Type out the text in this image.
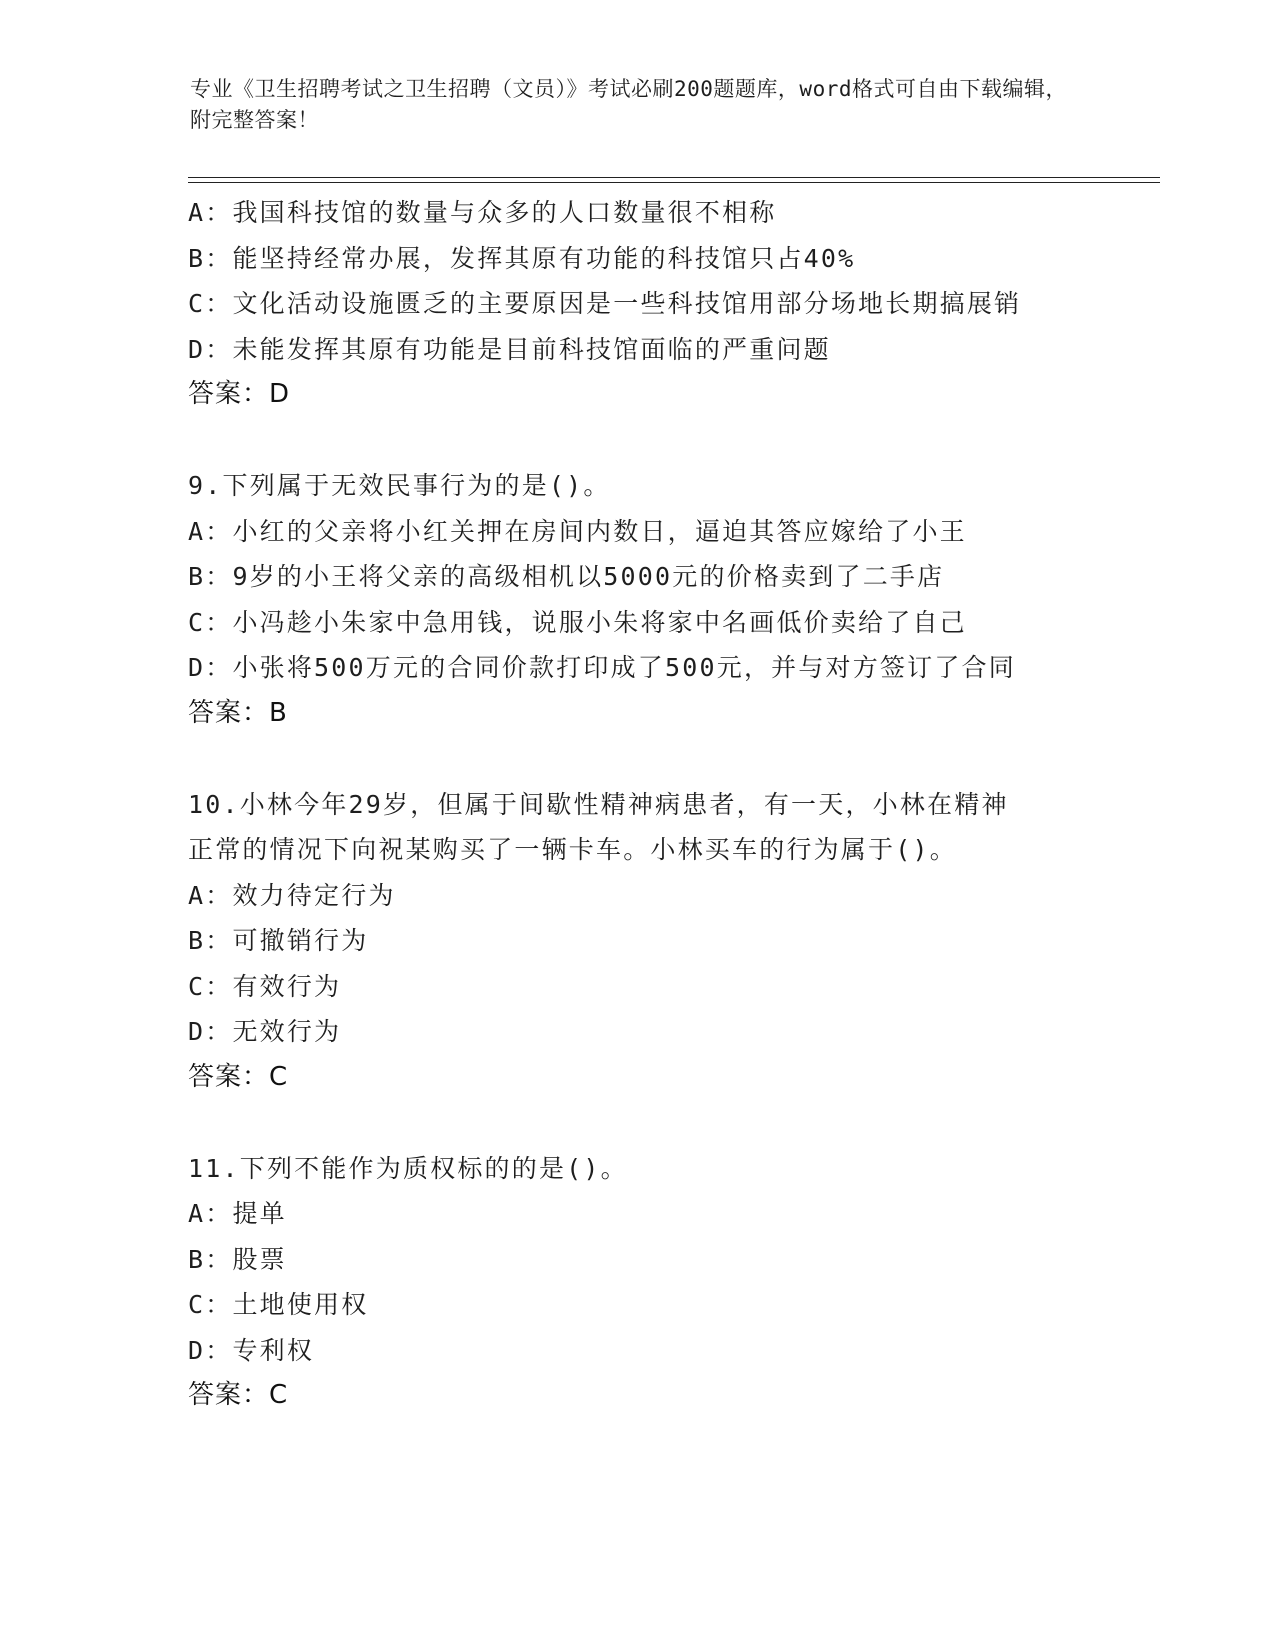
专业《卫生招聘考试之卫生招聘（文员）》考试必刷200题题库，word格式可自由下载编辑，附完整答案！
A：我国科技馆的数量与众多的人口数量很不相称
B：能坚持经常办展，发挥其原有功能的科技馆只占40%
C：文化活动设施匮乏的主要原因是一些科技馆用部分场地长期搞展销
D：未能发挥其原有功能是目前科技馆面临的严重问题
答案：D
9.下列属于无效民事行为的是()。
A：小红的父亲将小红关押在房间内数日，逼迫其答应嫁给了小王
B：9岁的小王将父亲的高级相机以5000元的价格卖到了二手店
C：小冯趁小朱家中急用钱，说服小朱将家中名画低价卖给了自己
D：小张将500万元的合同价款打印成了500元，并与对方签订了合同
答案：B
10.小林今年29岁，但属于间歇性精神病患者，有一天，小林在精神正常的情况下向祝某购买了一辆卡车。小林买车的行为属于()。
A：效力待定行为
B：可撤销行为
C：有效行为
D：无效行为
答案：C
11.下列不能作为质权标的的是()。
A：提单
B：股票
C：土地使用权
D：专利权
答案：C
